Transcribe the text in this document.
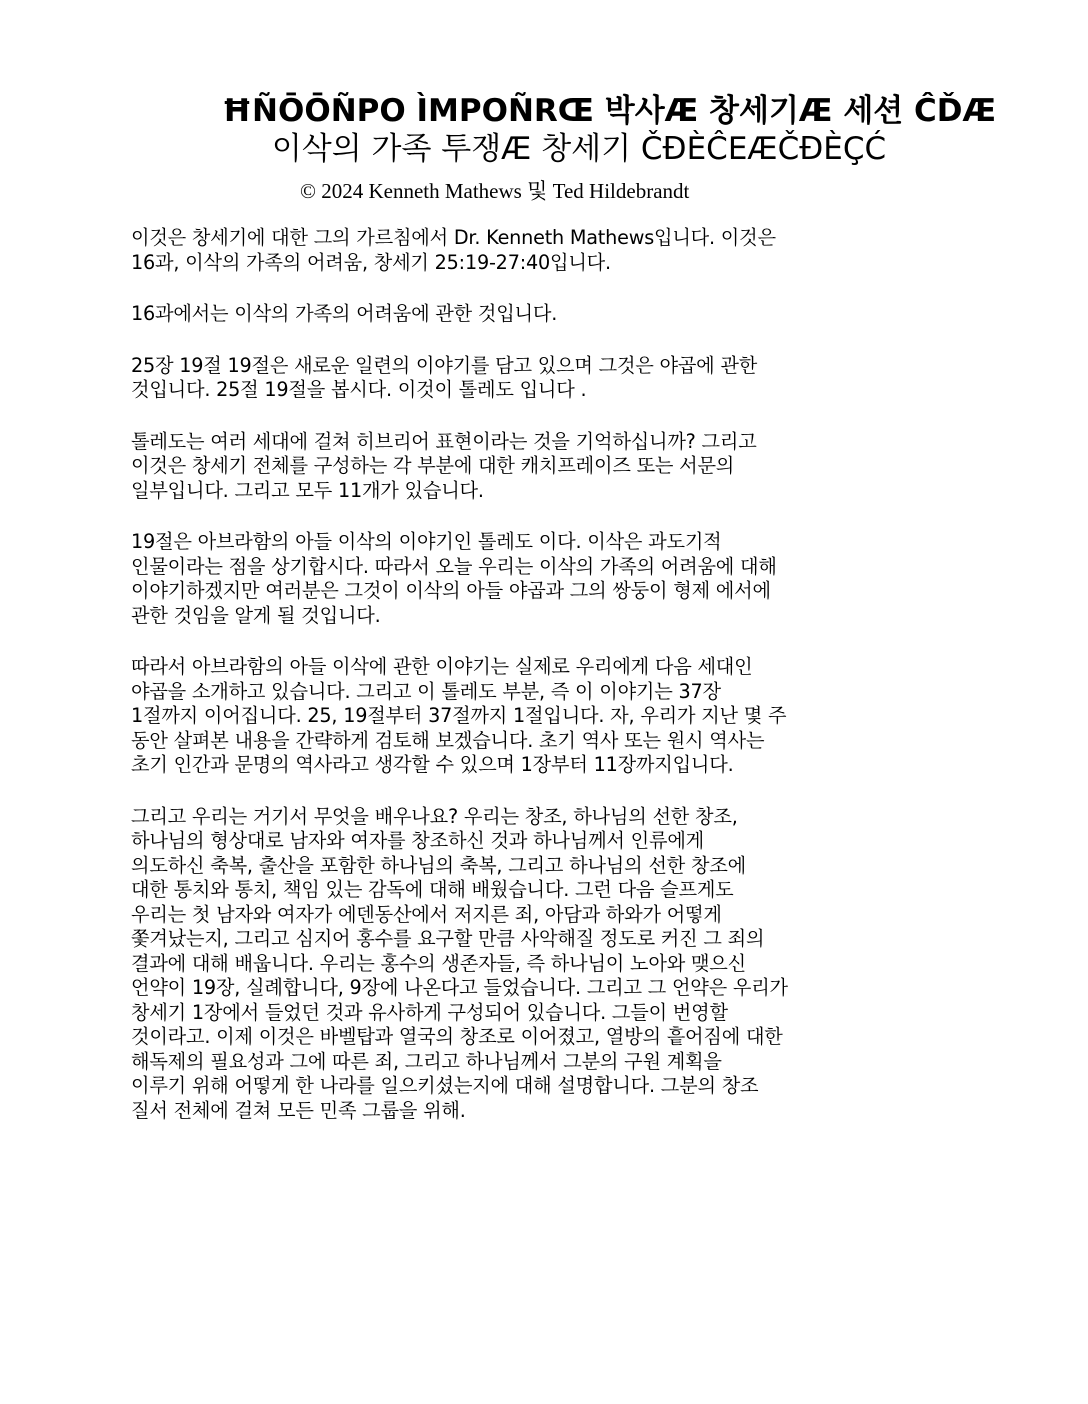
ĦÑŌŌÑPO ÌMPOÑRŒ 박사Æ 창세기Æ 세션 ĈĎÆ
이삭의 가족 투쟁Æ 창세기 ČĐÈĈEÆČĐÈÇĆ
© 2024 Kenneth Mathews 및 Ted Hildebrandt
이것은 창세기에 대한 그의 가르침에서 Dr. Kenneth Mathews입니다. 이것은
16과, 이삭의 가족의 어려움, 창세기 25:19-27:40입니다.
16과에서는 이삭의 가족의 어려움에 관한 것입니다.
25장 19절 19절은 새로운 일련의 이야기를 담고 있으며 그것은 야곱에 관한
것입니다. 25절 19절을 봅시다. 이것이 톨레도 입니다 .
톨레도는 여러 세대에 걸쳐 히브리어 표현이라는 것을 기억하십니까? 그리고
이것은 창세기 전체를 구성하는 각 부분에 대한 캐치프레이즈 또는 서문의
일부입니다. 그리고 모두 11개가 있습니다.
19절은 아브라함의 아들 이삭의 이야기인 톨레도 이다. 이삭은 과도기적
인물이라는 점을 상기합시다. 따라서 오늘 우리는 이삭의 가족의 어려움에 대해
이야기하겠지만 여러분은 그것이 이삭의 아들 야곱과 그의 쌍둥이 형제 에서에
관한 것임을 알게 될 것입니다.
따라서 아브라함의 아들 이삭에 관한 이야기는 실제로 우리에게 다음 세대인
야곱을 소개하고 있습니다. 그리고 이 톨레도 부분, 즉 이 이야기는 37장
1절까지 이어집니다. 25, 19절부터 37절까지 1절입니다. 자, 우리가 지난 몇 주
동안 살펴본 내용을 간략하게 검토해 보겠습니다. 초기 역사 또는 원시 역사는
초기 인간과 문명의 역사라고 생각할 수 있으며 1장부터 11장까지입니다.
그리고 우리는 거기서 무엇을 배우나요? 우리는 창조, 하나님의 선한 창조,
하나님의 형상대로 남자와 여자를 창조하신 것과 하나님께서 인류에게
의도하신 축복, 출산을 포함한 하나님의 축복, 그리고 하나님의 선한 창조에
대한 통치와 통치, 책임 있는 감독에 대해 배웠습니다. 그런 다음 슬프게도
우리는 첫 남자와 여자가 에덴동산에서 저지른 죄, 아담과 하와가 어떻게
쫓겨났는지, 그리고 심지어 홍수를 요구할 만큼 사악해질 정도로 커진 그 죄의
결과에 대해 배웁니다. 우리는 홍수의 생존자들, 즉 하나님이 노아와 맺으신
언약이 19장, 실례합니다, 9장에 나온다고 들었습니다. 그리고 그 언약은 우리가
창세기 1장에서 들었던 것과 유사하게 구성되어 있습니다. 그들이 번영할
것이라고. 이제 이것은 바벨탑과 열국의 창조로 이어졌고, 열방의 흩어짐에 대한
해독제의 필요성과 그에 따른 죄, 그리고 하나님께서 그분의 구원 계획을
이루기 위해 어떻게 한 나라를 일으키셨는지에 대해 설명합니다. 그분의 창조
질서 전체에 걸쳐 모든 민족 그룹을 위해.
